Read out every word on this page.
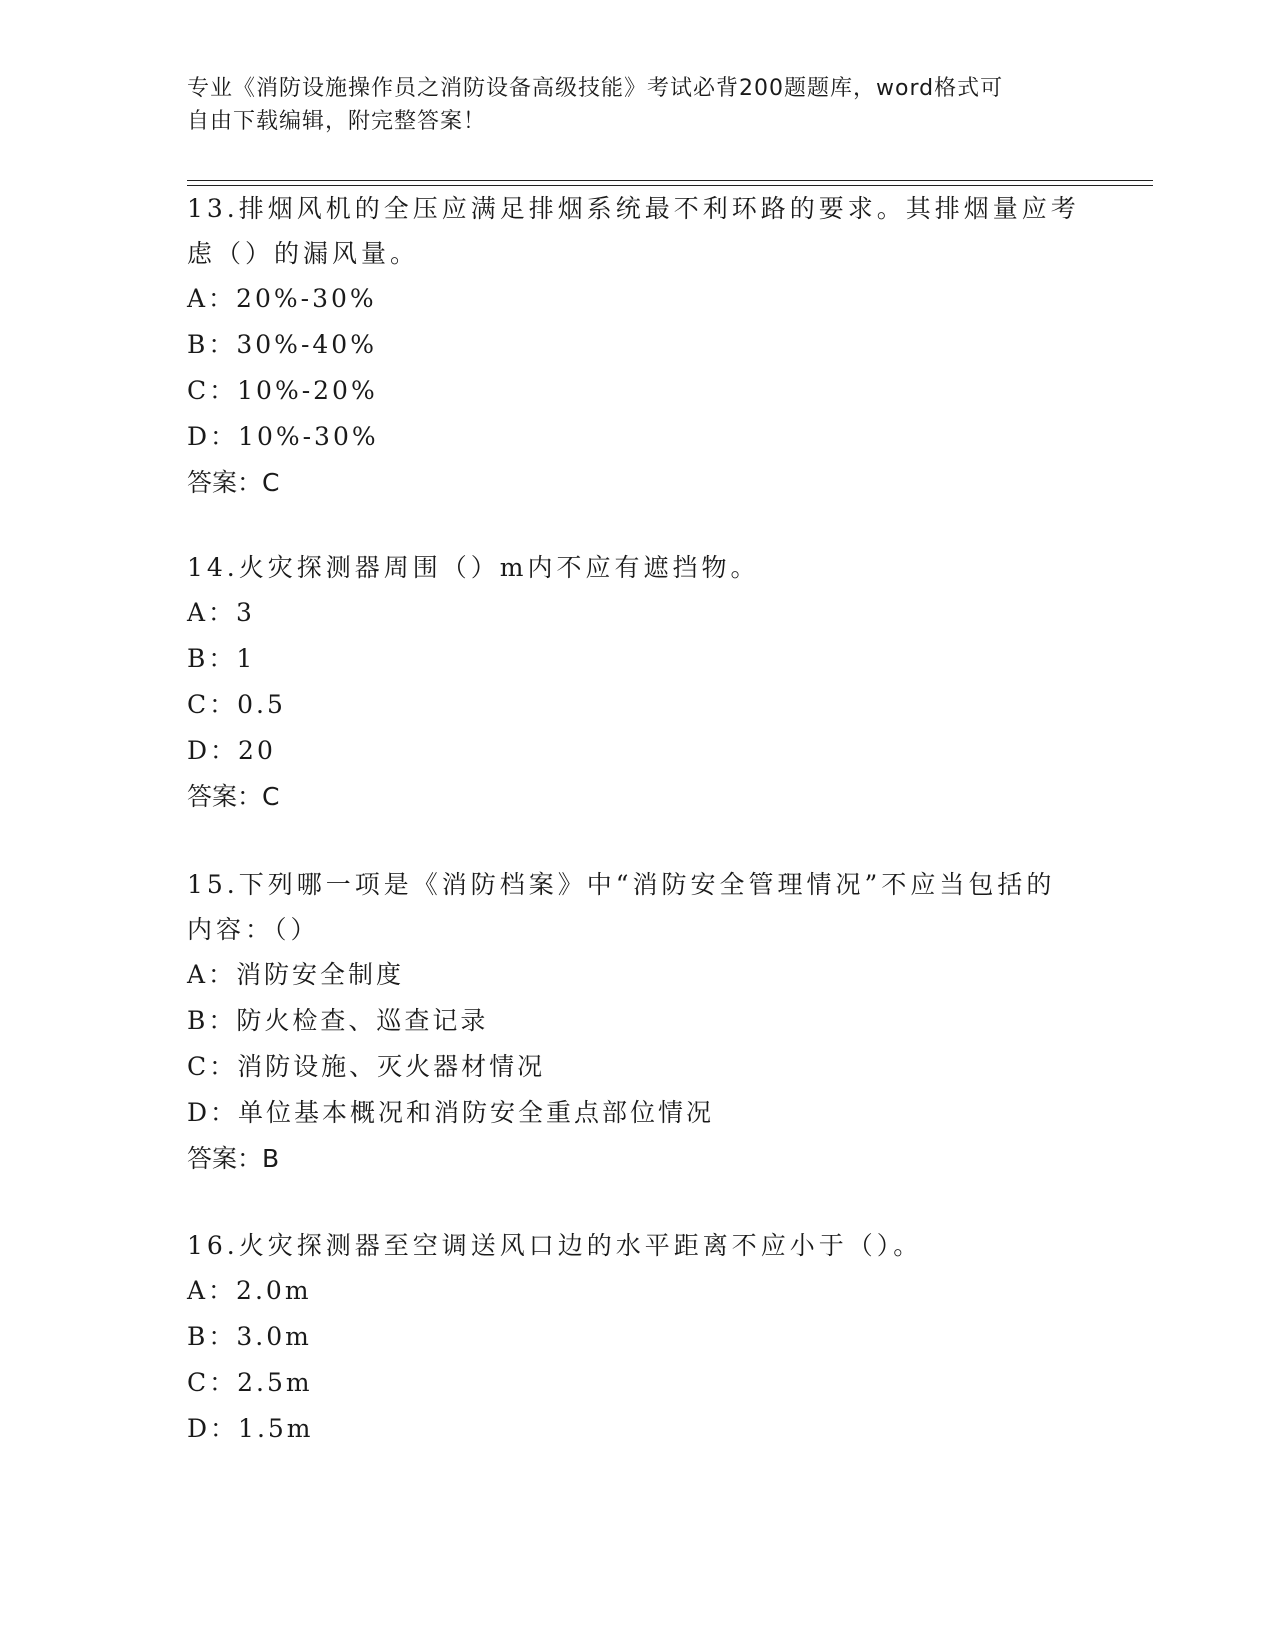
专业《消防设施操作员之消防设备高级技能》考试必背200题题库，word格式可
自由下载编辑，附完整答案！

13.排烟风机的全压应满足排烟系统最不利环路的要求。其排烟量应考

虑（）的漏风量。

A：20%-30%

B：30%-40%

C：10%-20%

D：10%-30%

答案：C

14.火灾探测器周围（）m内不应有遮挡物。

A：3

B：1

C：0.5

D：20

答案：C

15.下列哪一项是《消防档案》中“消防安全管理情况”不应当包括的

内容：（）

A：消防安全制度

B：防火检查、巡查记录

C：消防设施、灭火器材情况

D：单位基本概况和消防安全重点部位情况

答案：B

16.火灾探测器至空调送风口边的水平距离不应小于（）。

A：2.0m

B：3.0m

C：2.5m

D：1.5m
